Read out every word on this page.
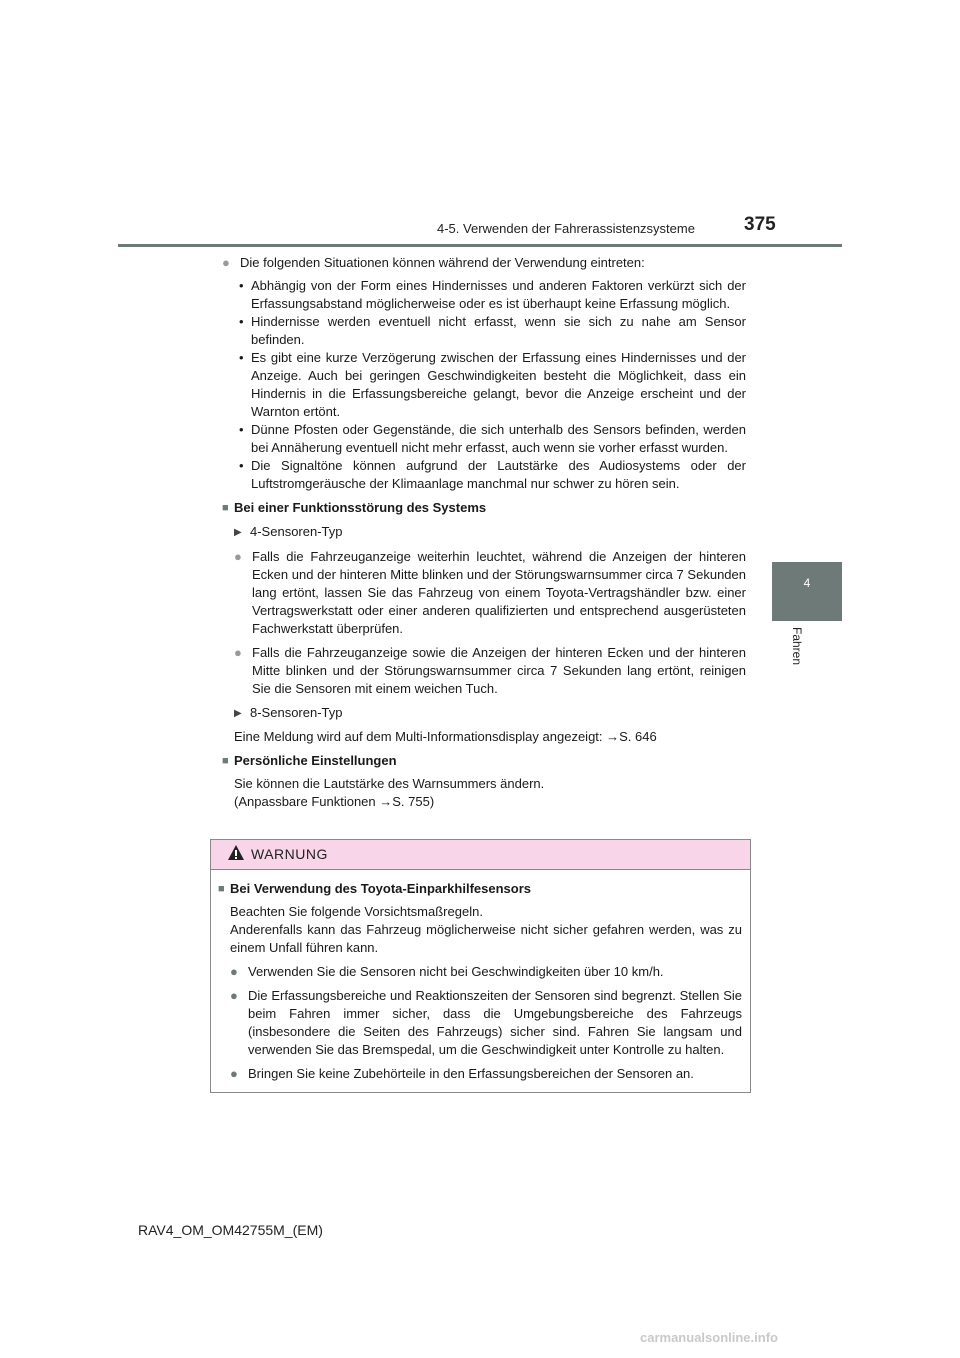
4-5. Verwenden der Fahrerassistenzsysteme	375
4
Fahren
● Die folgenden Situationen können während der Verwendung eintreten:
• Abhängig von der Form eines Hindernisses und anderen Faktoren verkürzt sich der Erfassungsabstand möglicherweise oder es ist überhaupt keine Erfassung möglich.
• Hindernisse werden eventuell nicht erfasst, wenn sie sich zu nahe am Sensor befinden.
• Es gibt eine kurze Verzögerung zwischen der Erfassung eines Hindernisses und der Anzeige. Auch bei geringen Geschwindigkeiten besteht die Möglichkeit, dass ein Hindernis in die Erfassungsbereiche gelangt, bevor die Anzeige erscheint und der Warnton ertönt.
• Dünne Pfosten oder Gegenstände, die sich unterhalb des Sensors befinden, werden bei Annäherung eventuell nicht mehr erfasst, auch wenn sie vorher erfasst wurden.
• Die Signaltöne können aufgrund der Lautstärke des Audiosystems oder der Luftstromgeräusche der Klimaanlage manchmal nur schwer zu hören sein.
■ Bei einer Funktionsstörung des Systems
▶ 4-Sensoren-Typ
● Falls die Fahrzeuganzeige weiterhin leuchtet, während die Anzeigen der hinteren Ecken und der hinteren Mitte blinken und der Störungswarnsummer circa 7 Sekunden lang ertönt, lassen Sie das Fahrzeug von einem Toyota-Vertragshändler bzw. einer Vertragswerkstatt oder einer anderen qualifizierten und entsprechend ausgerüsteten Fachwerkstatt überprüfen.
● Falls die Fahrzeuganzeige sowie die Anzeigen der hinteren Ecken und der hinteren Mitte blinken und der Störungswarnsummer circa 7 Sekunden lang ertönt, reinigen Sie die Sensoren mit einem weichen Tuch.
▶ 8-Sensoren-Typ
Eine Meldung wird auf dem Multi-Informationsdisplay angezeigt: →S. 646
■ Persönliche Einstellungen
Sie können die Lautstärke des Warnsummers ändern.
(Anpassbare Funktionen →S. 755)
WARNUNG
■ Bei Verwendung des Toyota-Einparkhilfesensors
Beachten Sie folgende Vorsichtsmaßregeln.
Anderenfalls kann das Fahrzeug möglicherweise nicht sicher gefahren werden, was zu einem Unfall führen kann.
● Verwenden Sie die Sensoren nicht bei Geschwindigkeiten über 10 km/h.
● Die Erfassungsbereiche und Reaktionszeiten der Sensoren sind begrenzt. Stellen Sie beim Fahren immer sicher, dass die Umgebungsbereiche des Fahrzeugs (insbesondere die Seiten des Fahrzeugs) sicher sind. Fahren Sie langsam und verwenden Sie das Bremspedal, um die Geschwindigkeit unter Kontrolle zu halten.
● Bringen Sie keine Zubehörteile in den Erfassungsbereichen der Sensoren an.
RAV4_OM_OM42755M_(EM)
carmanualsonline.info
